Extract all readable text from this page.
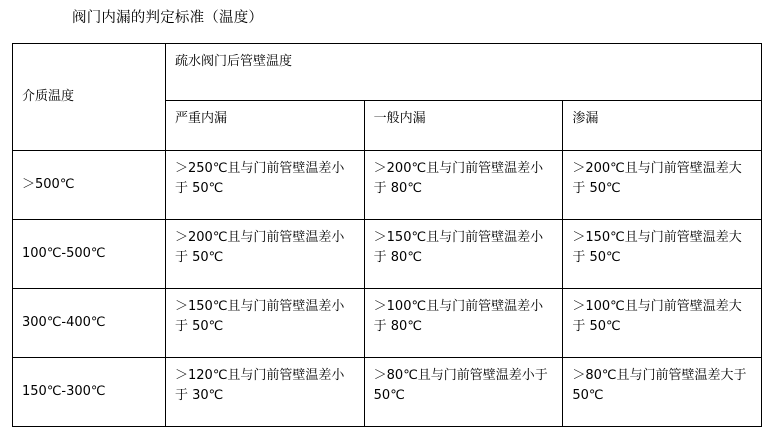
阀门内漏的判定标准（温度）
介质温度	疏水阀门后管壁温度		
	严重内漏	一般内漏	渗漏
＞500℃	＞250℃且与门前管壁温差小于 50℃	＞200℃且与门前管壁温差小于 80℃	＞200℃且与门前管壁温差大于 50℃
100℃-500℃	＞200℃且与门前管壁温差小于 50℃	＞150℃且与门前管壁温差小于 80℃	＞150℃且与门前管壁温差大于 50℃
300℃-400℃	＞150℃且与门前管壁温差小于 50℃	＞100℃且与门前管壁温差小于 80℃	＞100℃且与门前管壁温差大于 50℃
150℃-300℃	＞120℃且与门前管壁温差小于 30℃	＞80℃且与门前管壁温差小于 50℃	＞80℃且与门前管壁温差大于 50℃
